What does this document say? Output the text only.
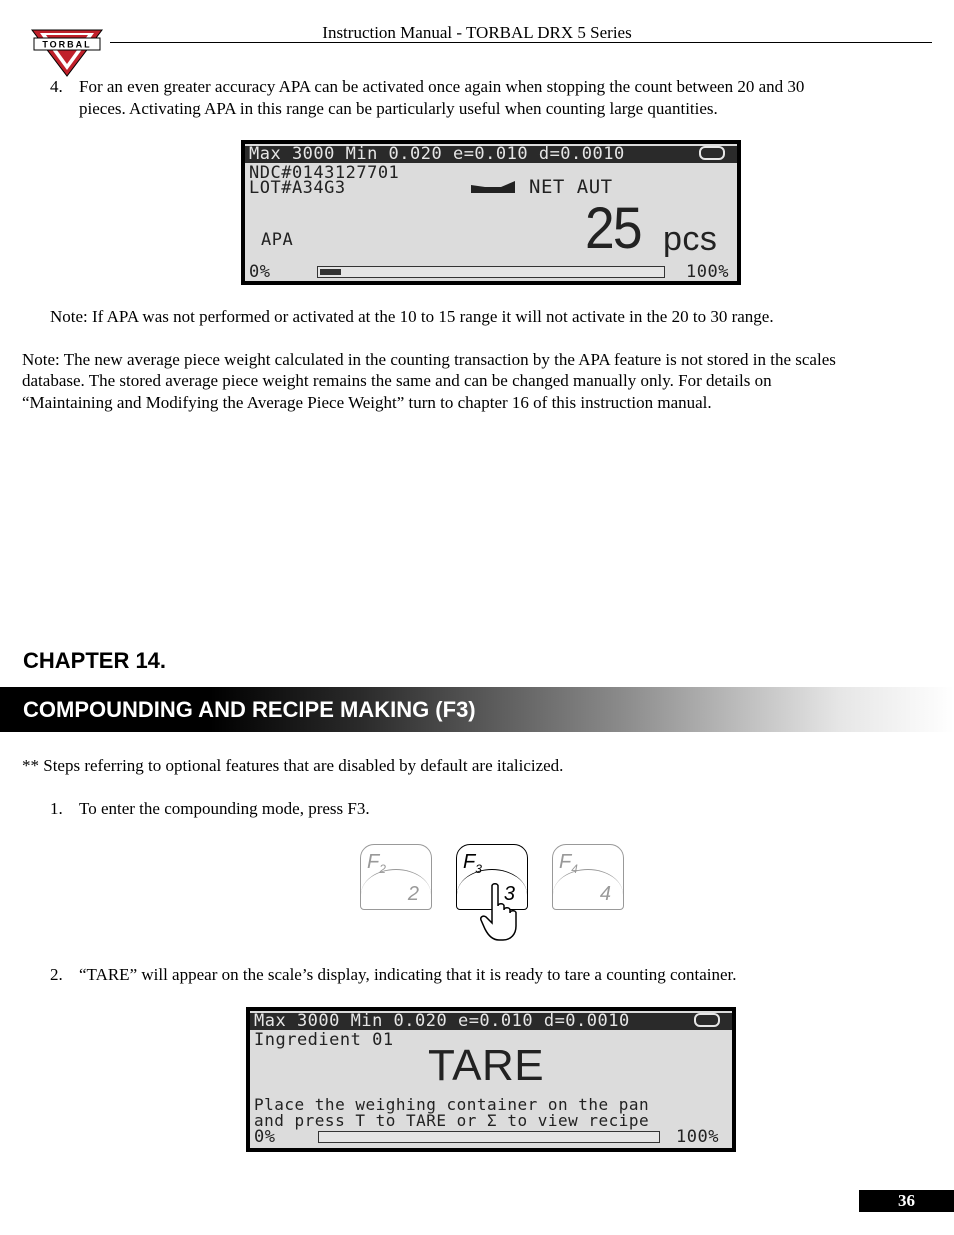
TORBAL
Instruction Manual - TORBAL DRX 5 Series
4. For an even greater accuracy APA can be activated once again when stopping the count between 20 and 30
pieces. Activating APA in this range can be particularly useful when counting large quantities.
Max 3000 Min 0.020 e=0.010 d=0.0010
NDC#0143127701
LOT#A34G3	NET AUT
APA	25 pcs
0%	100%
Note: If APA was not performed or activated at the 10 to 15 range it will not activate in the 20 to 30 range.
Note: The new average piece weight calculated in the counting transaction by the APA feature is not stored in the scales
database. The stored average piece weight remains the same and can be changed manually only. For details on
“Maintaining and Modifying the Average Piece Weight” turn to chapter 16 of this instruction manual.
CHAPTER 14.
COMPOUNDING AND RECIPE MAKING (F3)
** Steps referring to optional features that are disabled by default are italicized.
1. To enter the compounding mode, press F3.
$F_2$
2
$F_3$
3
$F_4$
4
2. “TARE” will appear on the scale’s display, indicating that it is ready to tare a counting container.
Max 3000 Min 0.020 e=0.010 d=0.0010
Ingredient 01
TARE
Place the weighing container on the pan
and press T to TARE or Σ to view recipe
0%	100%
36
